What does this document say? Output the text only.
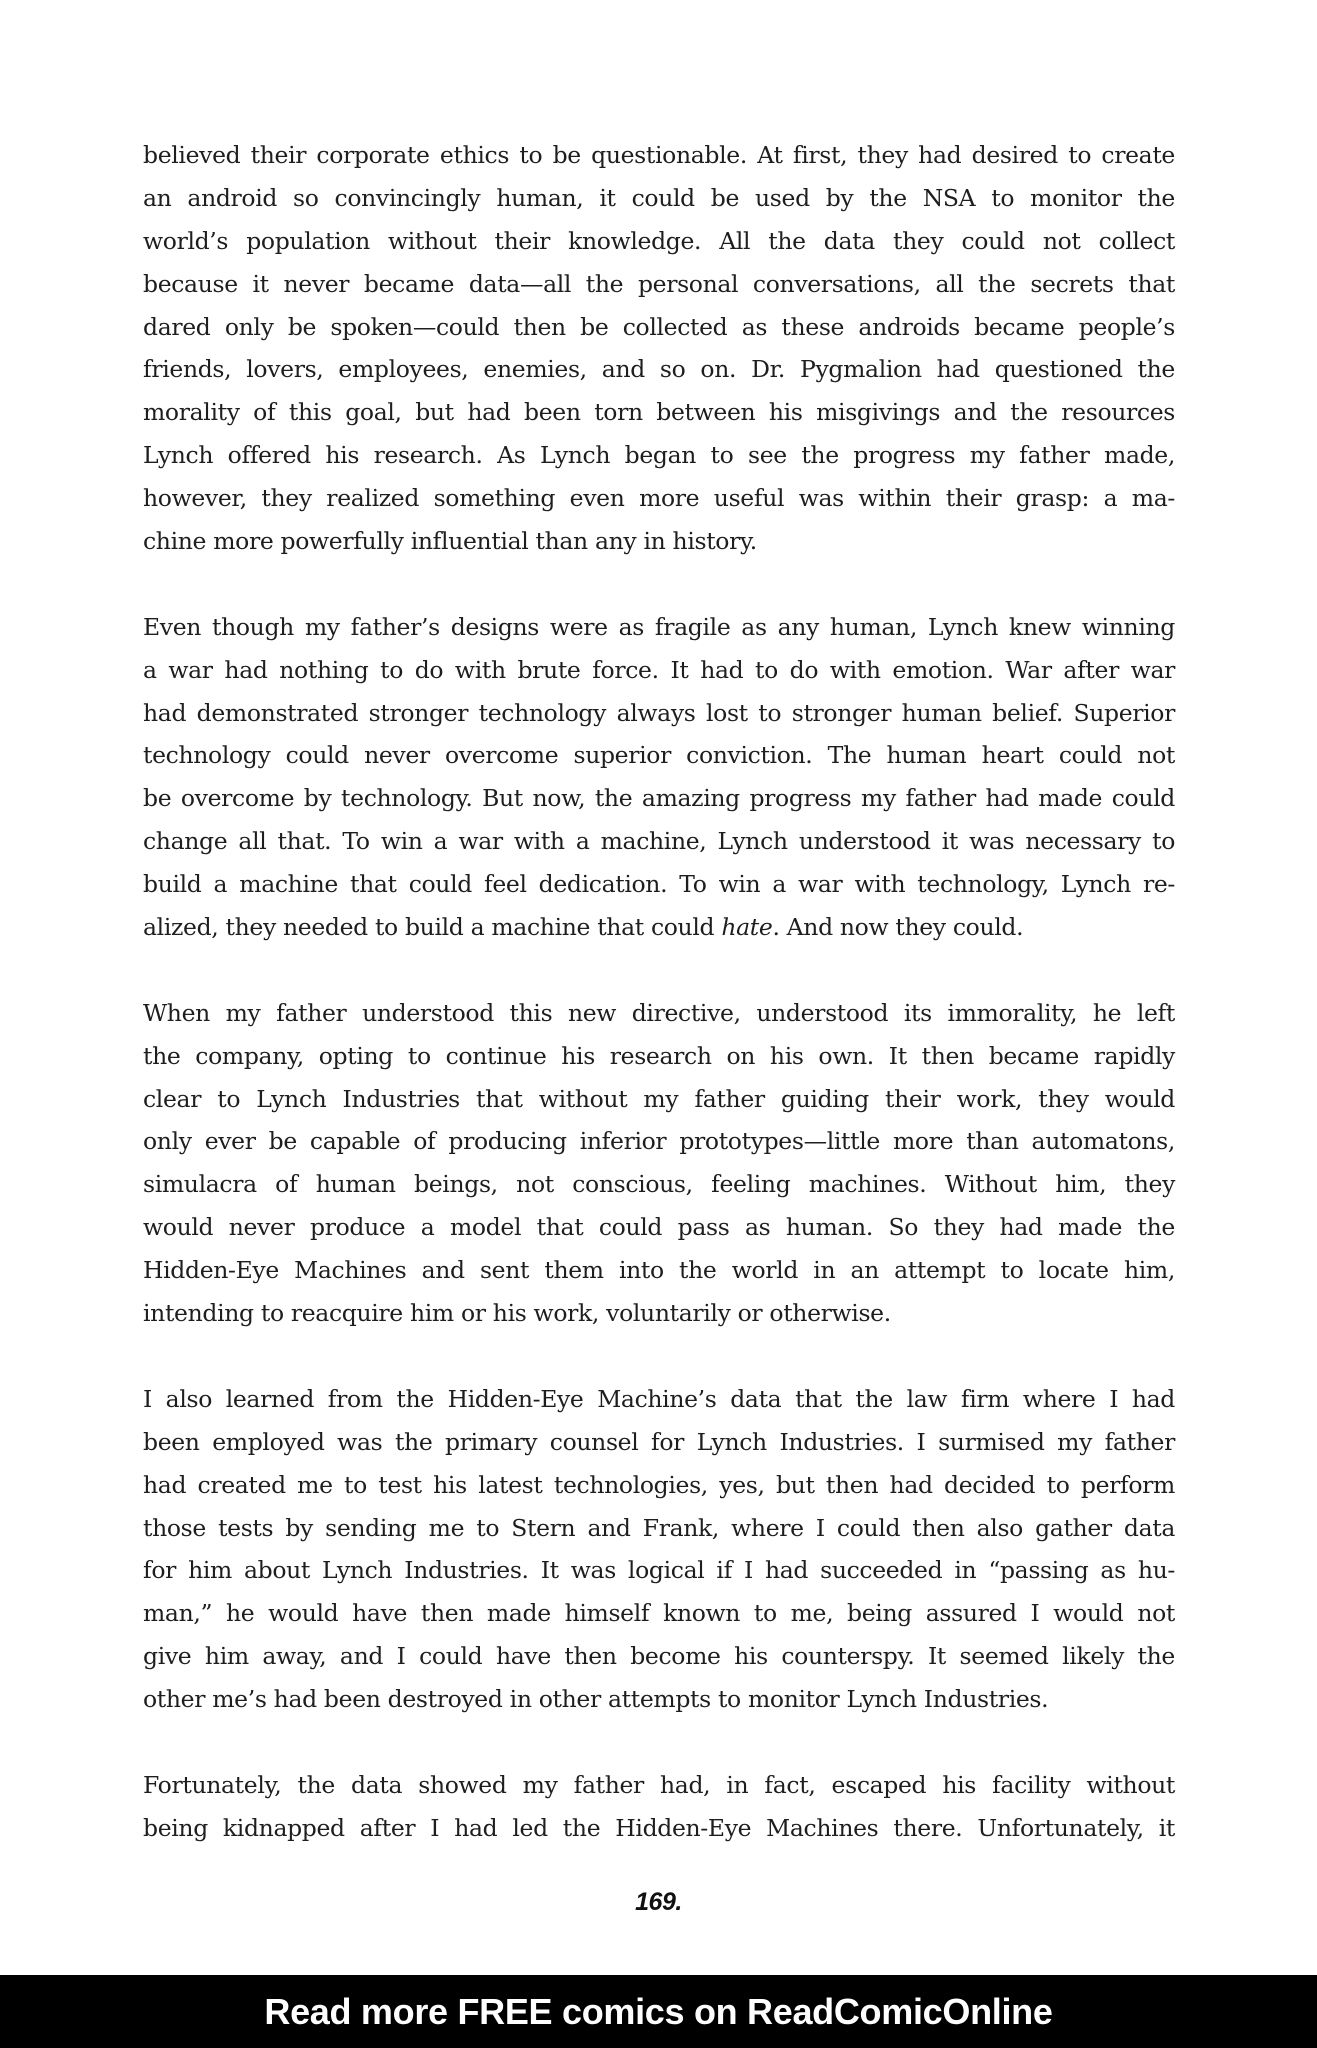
believed their corporate ethics to be questionable. At first, they had desired to create
an android so convincingly human, it could be used by the NSA to monitor the
world’s population without their knowledge. All the data they could not collect
because it never became data—all the personal conversations, all the secrets that
dared only be spoken—could then be collected as these androids became people’s
friends, lovers, employees, enemies, and so on. Dr. Pygmalion had questioned the
morality of this goal, but had been torn between his misgivings and the resources
Lynch offered his research. As Lynch began to see the progress my father made,
however, they realized something even more useful was within their grasp: a ma-
chine more powerfully influential than any in history.
Even though my father’s designs were as fragile as any human, Lynch knew winning
a war had nothing to do with brute force. It had to do with emotion. War after war
had demonstrated stronger technology always lost to stronger human belief. Superior
technology could never overcome superior conviction. The human heart could not
be overcome by technology. But now, the amazing progress my father had made could
change all that. To win a war with a machine, Lynch understood it was necessary to
build a machine that could feel dedication. To win a war with technology, Lynch re-
alized, they needed to build a machine that could hate. And now they could.
When my father understood this new directive, understood its immorality, he left
the company, opting to continue his research on his own. It then became rapidly
clear to Lynch Industries that without my father guiding their work, they would
only ever be capable of producing inferior prototypes—little more than automatons,
simulacra of human beings, not conscious, feeling machines. Without him, they
would never produce a model that could pass as human. So they had made the
Hidden-Eye Machines and sent them into the world in an attempt to locate him,
intending to reacquire him or his work, voluntarily or otherwise.
I also learned from the Hidden-Eye Machine’s data that the law firm where I had
been employed was the primary counsel for Lynch Industries. I surmised my father
had created me to test his latest technologies, yes, but then had decided to perform
those tests by sending me to Stern and Frank, where I could then also gather data
for him about Lynch Industries. It was logical if I had succeeded in “passing as hu-
man,” he would have then made himself known to me, being assured I would not
give him away, and I could have then become his counterspy. It seemed likely the
other me’s had been destroyed in other attempts to monitor Lynch Industries.
Fortunately, the data showed my father had, in fact, escaped his facility without
being kidnapped after I had led the Hidden-Eye Machines there. Unfortunately, it
169.
Read more FREE comics on ReadComicOnline
